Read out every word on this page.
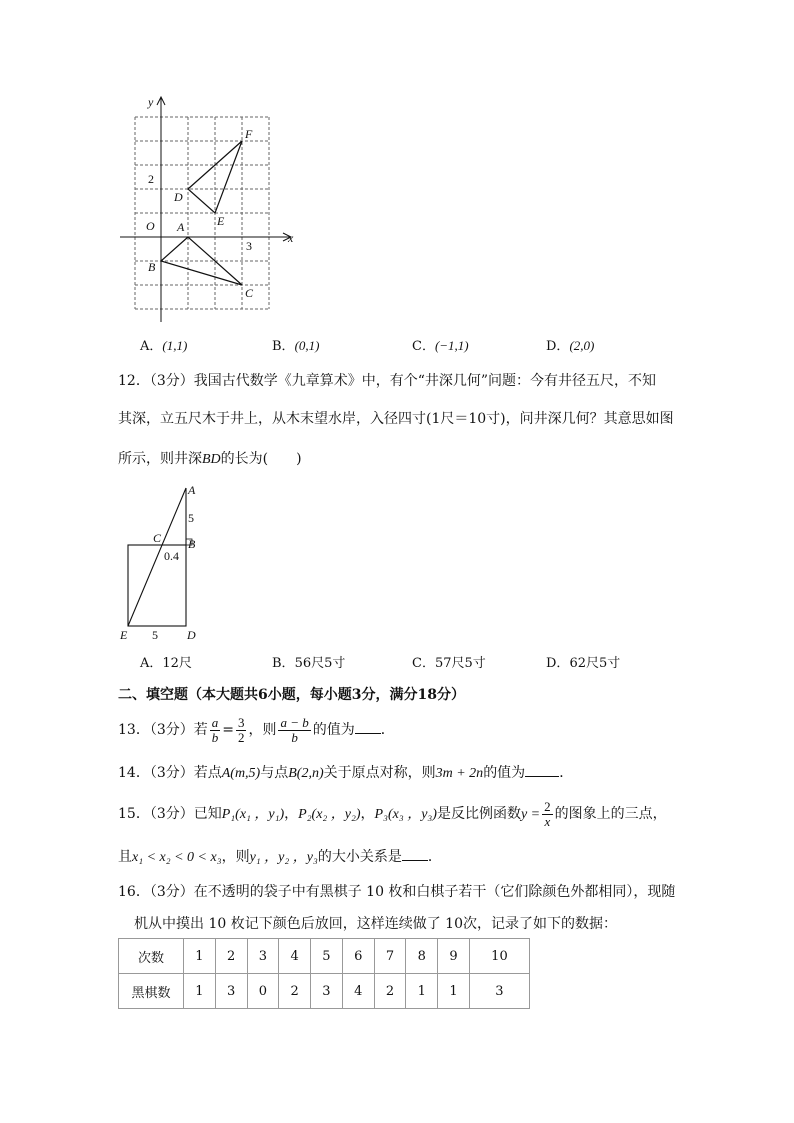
y
x
O A
B
C
D
E
F
2
3
A．(1,1)	B．(0,1)	C．(−1,1)	D．(2,0)
12．（3分）我国古代数学《九章算术》中，有个“井深几何”问题：今有井径五尺，不知
其深，立五尺木于井上，从木末望水岸，入径四寸(1尺＝10寸)，问井深几何？其意思如图
所示，则井深BD的长为(　　)
A
B
C
D
E
5
0.4
5
A．12尺	B．56尺5寸	C．57尺5寸	D．62尺5寸
二、填空题（本大题共6小题，每小题3分，满分18分）
13．（3分）若 $\frac{a}{b} = \frac{3}{2}$ ，则 $\frac{a - b}{b}$ 的值为 ．
14．（3分）若点A(m,5)与点B(2,n)关于原点对称，则3m + 2n的值为 ．
15．（3分）已知P₁(x₁ ，y₁)，P₂(x₂ ，y₂)，P₃(x₃ ，y₃)是反比例函数$y = \frac{2}{x}$ 的图象上的三点，
且x₁ < x₂ < 0 < x₃，则y₁ ，y₂ ，y₃的大小关系是 ．
16．（3分）在不透明的袋子中有黑棋子 10 枚和白棋子若干（它们除颜色外都相同），现随
机从中摸出 10 枚记下颜色后放回，这样连续做了 10次，记录了如下的数据：
次数	1	2	3	4	5	6	7	8	9	10
黑棋数	1	3	0	2	3	4	2	1	1	3
